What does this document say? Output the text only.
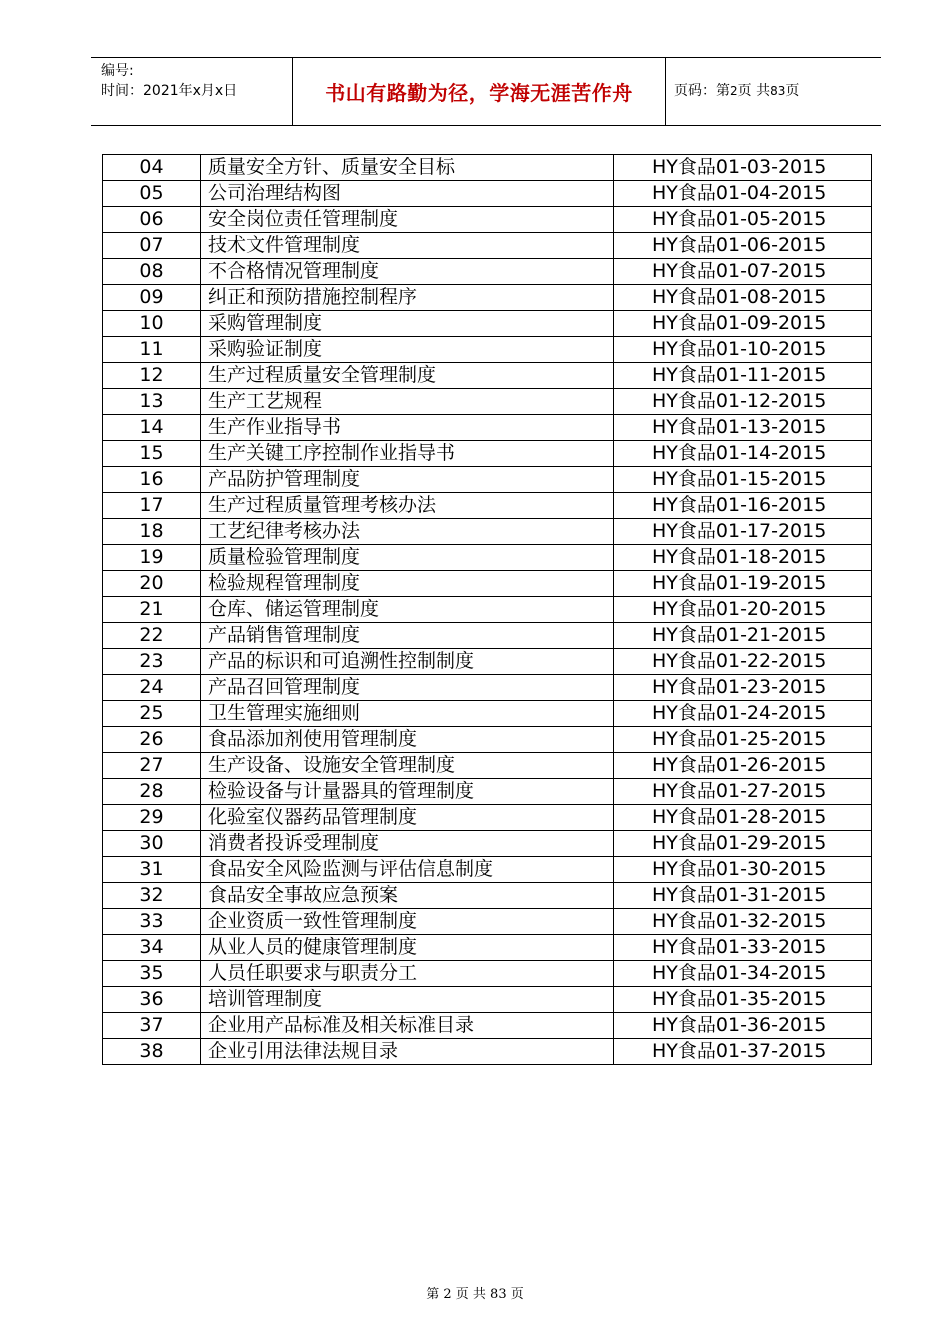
编号:
时间：2021年x月x日	书山有路勤为径，学海无涯苦作舟	页码：第2页 共83页
04	质量安全方针、质量安全目标	HY食品01-03-2015
05	公司治理结构图	HY食品01-04-2015
06	安全岗位责任管理制度	HY食品01-05-2015
07	技术文件管理制度	HY食品01-06-2015
08	不合格情况管理制度	HY食品01-07-2015
09	纠正和预防措施控制程序	HY食品01-08-2015
10	采购管理制度	HY食品01-09-2015
11	采购验证制度	HY食品01-10-2015
12	生产过程质量安全管理制度	HY食品01-11-2015
13	生产工艺规程	HY食品01-12-2015
14	生产作业指导书	HY食品01-13-2015
15	生产关键工序控制作业指导书	HY食品01-14-2015
16	产品防护管理制度	HY食品01-15-2015
17	生产过程质量管理考核办法	HY食品01-16-2015
18	工艺纪律考核办法	HY食品01-17-2015
19	质量检验管理制度	HY食品01-18-2015
20	检验规程管理制度	HY食品01-19-2015
21	仓库、储运管理制度	HY食品01-20-2015
22	产品销售管理制度	HY食品01-21-2015
23	产品的标识和可追溯性控制制度	HY食品01-22-2015
24	产品召回管理制度	HY食品01-23-2015
25	卫生管理实施细则	HY食品01-24-2015
26	食品添加剂使用管理制度	HY食品01-25-2015
27	生产设备、设施安全管理制度	HY食品01-26-2015
28	检验设备与计量器具的管理制度	HY食品01-27-2015
29	化验室仪器药品管理制度	HY食品01-28-2015
30	消费者投诉受理制度	HY食品01-29-2015
31	食品安全风险监测与评估信息制度	HY食品01-30-2015
32	食品安全事故应急预案	HY食品01-31-2015
33	企业资质一致性管理制度	HY食品01-32-2015
34	从业人员的健康管理制度	HY食品01-33-2015
35	人员任职要求与职责分工	HY食品01-34-2015
36	培训管理制度	HY食品01-35-2015
37	企业用产品标准及相关标准目录	HY食品01-36-2015
38	企业引用法律法规目录	HY食品01-37-2015
第 2 页 共 83 页
